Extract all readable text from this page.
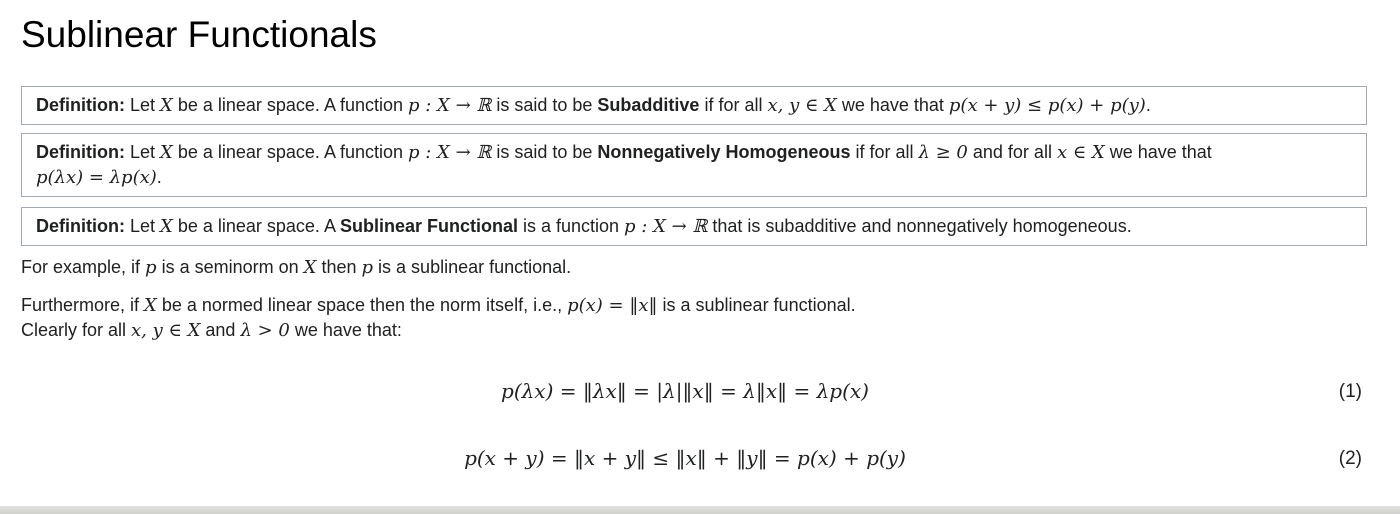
Sublinear Functionals
Definition: Let X be a linear space. A function p : X → ℝ is said to be Subadditive if for all x, y ∈ X we have that p(x + y) ≤ p(x) + p(y).
Definition: Let X be a linear space. A function p : X → ℝ is said to be Nonnegatively Homogeneous if for all λ ≥ 0 and for all x ∈ X we have that
p(λx) = λp(x).
Definition: Let X be a linear space. A Sublinear Functional is a function p : X → ℝ that is subadditive and nonnegatively homogeneous.

For example, if p is a seminorm on X then p is a sublinear functional.

Furthermore, if X be a normed linear space then the norm itself, i.e., p(x) = ‖x‖ is a sublinear functional.
Clearly for all x, y ∈ X and λ > 0 we have that:

p(λx) = ‖λx‖ = |λ|‖x‖ = λ‖x‖ = λp(x)	(1)
p(x + y) = ‖x + y‖ ≤ ‖x‖ + ‖y‖ = p(x) + p(y)	(2)
